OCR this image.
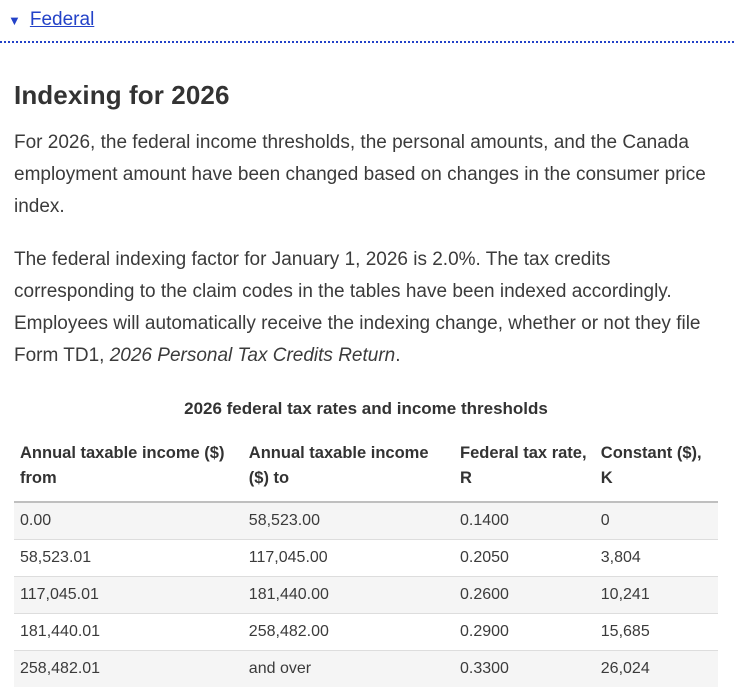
▼ Federal
Indexing for 2026

For 2026, the federal income thresholds, the personal amounts, and the Canada employment amount have been changed based on changes in the consumer price index.

The federal indexing factor for January 1, 2026 is 2.0%. The tax credits corresponding to the claim codes in the tables have been indexed accordingly. Employees will automatically receive the indexing change, whether or not they file Form TD1, 2026 Personal Tax Credits Return.

2026 federal tax rates and income thresholds
Annual taxable income ($) from	Annual taxable income ($) to	Federal tax rate, R	Constant ($), K
0.00	58,523.00	0.1400	0
58,523.01	117,045.00	0.2050	3,804
117,045.01	181,440.00	0.2600	10,241
181,440.01	258,482.00	0.2900	15,685
258,482.01	and over	0.3300	26,024
